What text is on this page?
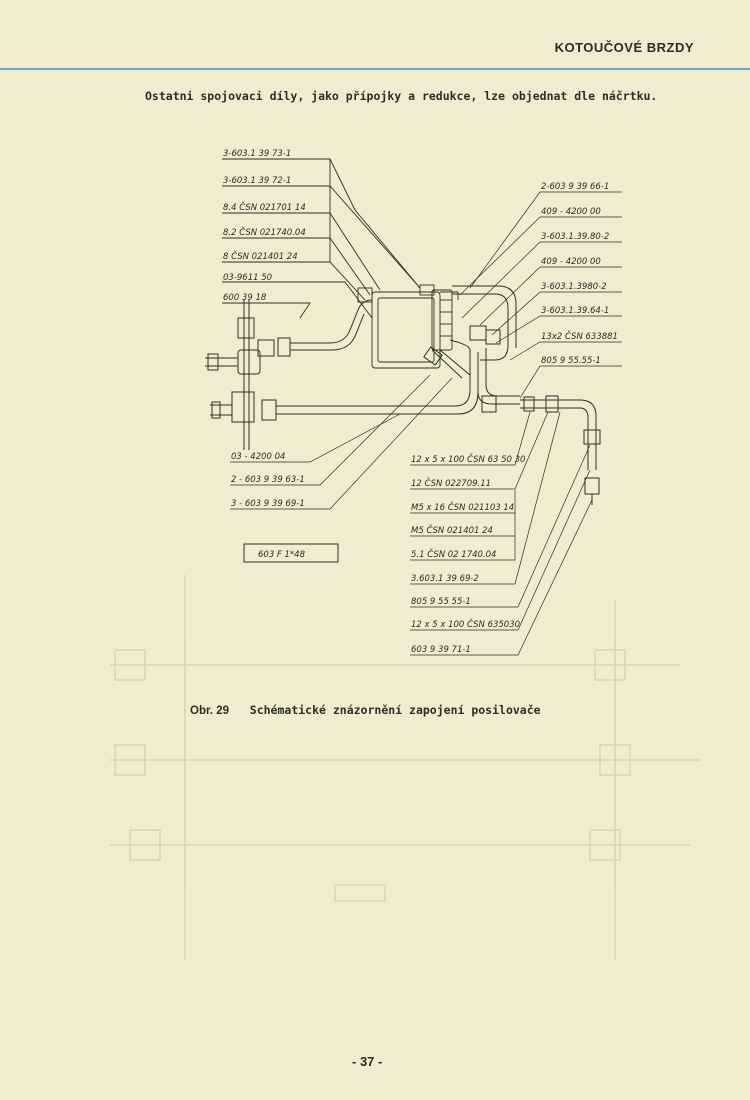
KOTOUČOVÉ BRZDY
Ostatni spojovaci díly, jako přípojky a redukce, lze objednat dle náčrtku.
3-603.1 39 73-1
3-603.1 39 72-1
8.4 ČSN 021701 14
8.2 ČSN 021740.04
8 ČSN 021401 24
03-9611 50
600 39 18
2-603 9 39 66-1
409 - 4200 00
3-603.1.39.80-2
409 - 4200 00
3-603.1.3980-2
3-603.1.39.64-1
13x2 ČSN 633881
805 9 55.55-1
03 - 4200 04
2 - 603 9 39 63-1
3 - 603 9 39 69-1
12 x 5 x 100 ČSN 63 50 30
12 ČSN 022709.11
M5 x 16 ČSN 021103 14
M5 ČSN 021401 24
5.1 ČSN 02 1740.04
3.603.1 39 69-2
805 9 55 55-1
12 x 5 x 100 ČSN 635030
603 9 39 71-1
603 F 1*48
Obr. 29 Schématické znázornění zapojení posilovače
- 37 -
